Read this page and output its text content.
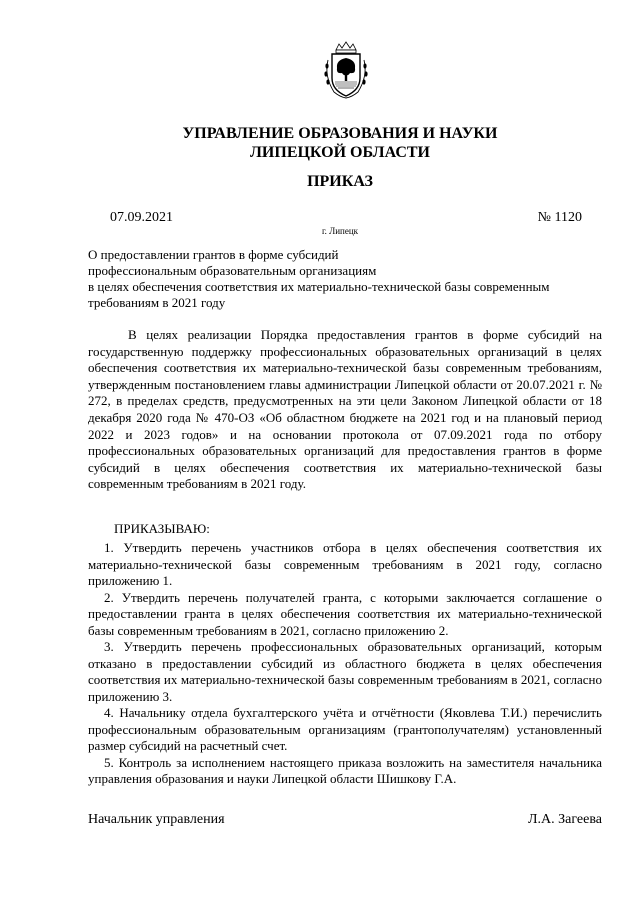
УПРАВЛЕНИЕ ОБРАЗОВАНИЯ И НАУКИ
ЛИПЕЦКОЙ ОБЛАСТИ
ПРИКАЗ
07.09.2021	№ 1120
г. Липецк
О предоставлении грантов в форме субсидий
профессиональным образовательным организациям
в целях обеспечения соответствия их материально-технической базы современным
требованиям в 2021 году

В целях реализации Порядка предоставления грантов в форме субсидий на государственную поддержку профессиональных образовательных организаций в целях обеспечения соответствия их материально-технической базы современным требованиям, утвержденным постановлением главы администрации Липецкой области от 20.07.2021 г. № 272, в пределах средств, предусмотренных на эти цели Законом Липецкой области от 18 декабря 2020 года № 470-ОЗ «Об областном бюджете на 2021 год и на плановый период 2022 и 2023 годов» и на основании протокола от 07.09.2021 года по отбору профессиональных образовательных организаций для предоставления грантов в форме субсидий в целях обеспечения соответствия их материально-технической базы современным требованиям в 2021 году.

ПРИКАЗЫВАЮ:

1. Утвердить перечень участников отбора в целях обеспечения соответствия их материально-технической базы современным требованиям в 2021 году, согласно приложению 1.

2. Утвердить перечень получателей гранта, с которыми заключается соглашение о предоставлении гранта в целях обеспечения соответствия их материально-технической базы современным требованиям в 2021, согласно приложению 2.

3. Утвердить перечень профессиональных образовательных организаций, которым отказано в предоставлении субсидий из областного бюджета в целях обеспечения соответствия их материально-технической базы современным требованиям в 2021, согласно приложению 3.

4. Начальнику отдела бухгалтерского учёта и отчётности (Яковлева Т.И.) перечислить профессиональным образовательным организациям (грантополучателям) установленный размер субсидий на расчетный счет.

5. Контроль за исполнением настоящего приказа возложить на заместителя начальника управления образования и науки Липецкой области Шишкову Г.А.

Начальник управления	Л.А. Загеева
